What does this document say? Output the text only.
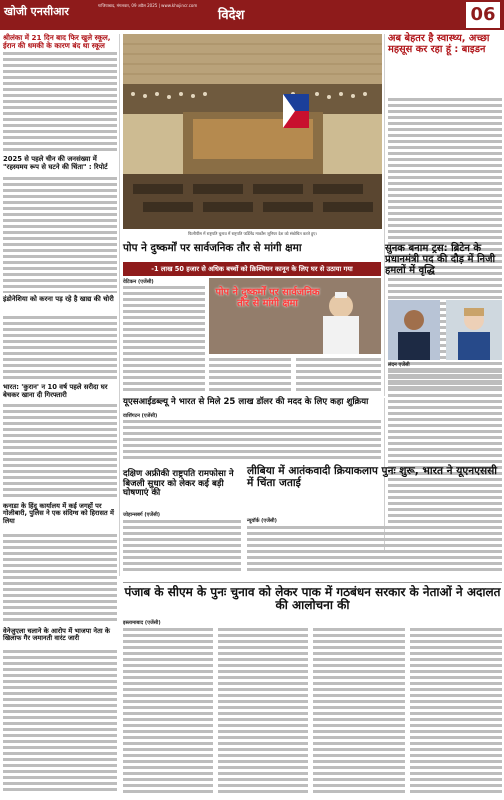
खोजी एनसीआर	गाजियाबाद, मंगलवार, 09 अप्रैल 2025 | www.khojincr.com
विदेश	06
श्रीलंका में 21 दिन बाद फिर खुले स्कूल, ईरान की धमकी के कारण बंद था स्कूल
2025 से पहले चीन की जनसंख्या में "रहस्यमय रूप से घटने की चिंता" : रिपोर्ट
इंडोनेशिया को करना पड़ रहे है खाद्य की चोरी
भारत: 'कुरान' न 10 वर्ष पहले सरीदा घर बेचकर खाना दी गिरफ्तारी
कनाडा के हिंदू कार्यालय में कई जगहों पर गोलीबारी, पुलिस ने एक संदिग्ध को हिरासत में लिया
वेनेजुएला चलाने के आरोप में भाजपा नेता के खिलाफ गैर जमानती वारंट जारी
फिलीपींस में राष्ट्रपति चुनाव में राष्ट्रपति फर्डिनेंड मार्कोस जूनियर देश को संबोधित करते हुए।
अब बेहतर है स्वास्थ्य, अच्छा महसूस कर रहा हूं : बाइडन
पोप ने दुष्कर्मों पर सार्वजनिक तौर से मांगी क्षमा
-1 लाख 50 हजार से अधिक बच्चों को क्रिश्चियन कानून के लिए घर से उठाया गया
वेटिकन (एजेंसी)
पोप ने दुष्कर्मों पर सार्वजनिक तौर से मांगी क्षमा
सुनक बनाम ट्रस: ब्रिटेन के प्रधानमंत्री पद की दौड़ में निजी हमलों में वृद्धि
लंदन एजेंसी
यूएसआईडब्ल्यू ने भारत से मिले 25 लाख डॉलर की मदद के लिए कहा शुक्रिया
वाशिंगटन (एजेंसी)
दक्षिण अफ्रीकी राष्ट्रपति रामफोसा ने बिजली सुधार को लेकर कई बड़ी घोषणाएं की
जोहान्सबर्ग (एजेंसी)
लीबिया में आतंकवादी क्रियाकलाप पुनः शुरू, भारत ने यूएनएससी में चिंता जताई
न्यूयॉर्क (एजेंसी)
पंजाब के सीएम के पुनः चुनाव को लेकर पाक में गठबंधन सरकार के नेताओं ने अदालत की आलोचना की
इस्लामाबाद (एजेंसी)
